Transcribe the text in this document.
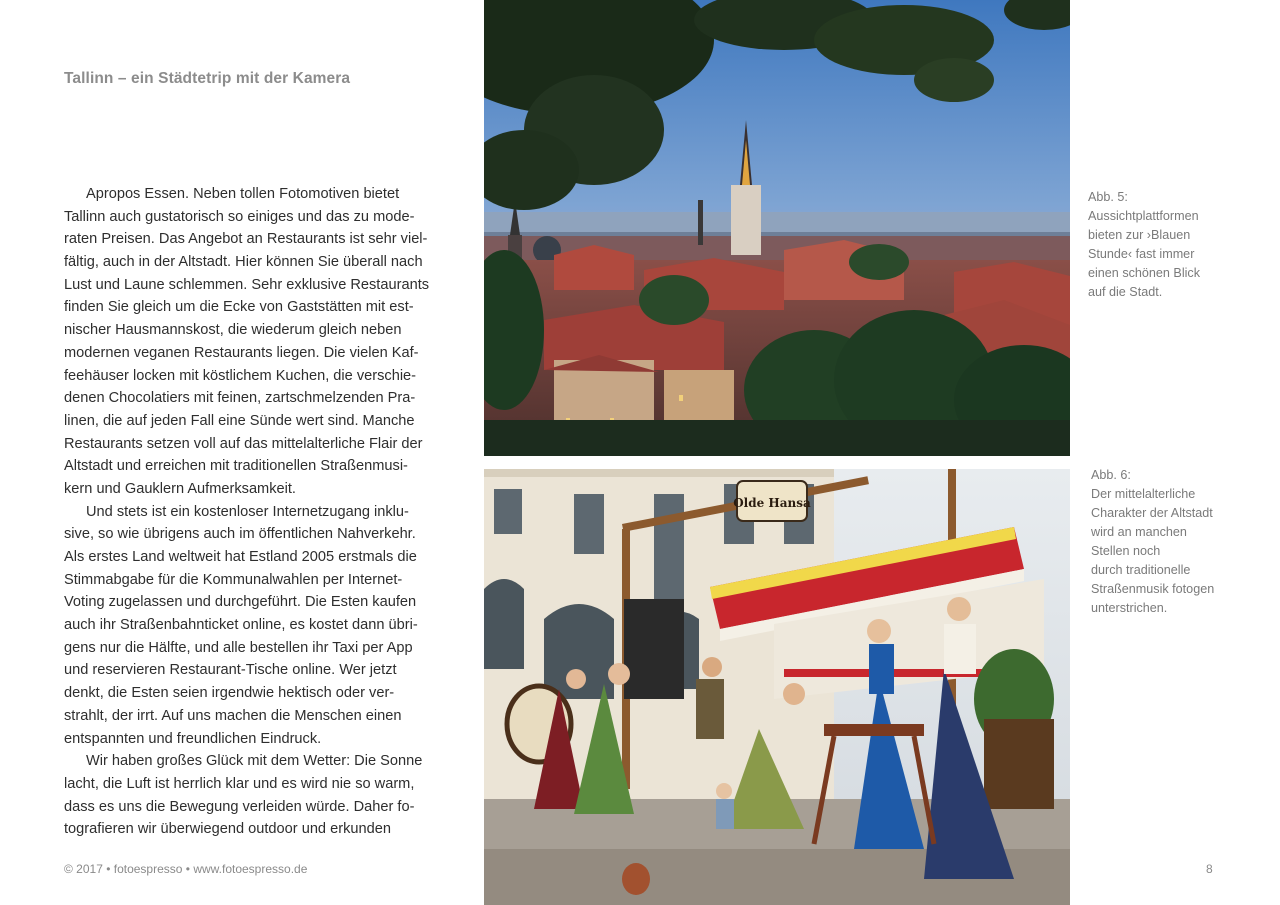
Tallinn – ein Städtetrip mit der Kamera
Apropos Essen. Neben tollen Fotomotiven bietet
Tallinn auch gustatorisch so einiges und das zu mode-
raten Preisen. Das Angebot an Restaurants ist sehr viel-
fältig, auch in der Altstadt. Hier können Sie überall nach
Lust und Laune schlemmen. Sehr exklusive Restaurants
finden Sie gleich um die Ecke von Gaststätten mit est-
nischer Hausmannskost, die wiederum gleich neben
modernen veganen Restaurants liegen. Die vielen Kaf-
feehäuser locken mit köstlichem Kuchen, die verschie-
denen Chocolatiers mit feinen, zartschmelzenden Pra-
linen, die auf jeden Fall eine Sünde wert sind. Manche
Restaurants setzen voll auf das mittelalterliche Flair der
Altstadt und erreichen mit traditionellen Straßenmusi-
kern und Gauklern Aufmerksamkeit.
Und stets ist ein kostenloser Internetzugang inklu-
sive, so wie übrigens auch im öffentlichen Nahverkehr.
Als erstes Land weltweit hat Estland 2005 erstmals die
Stimmabgabe für die Kommunalwahlen per Internet-
Voting zugelassen und durchgeführt. Die Esten kaufen
auch ihr Straßenbahnticket online, es kostet dann übri-
gens nur die Hälfte, und alle bestellen ihr Taxi per App
und reservieren Restaurant-Tische online. Wer jetzt
denkt, die Esten seien irgendwie hektisch oder ver-
strahlt, der irrt. Auf uns machen die Menschen einen
entspannten und freundlichen Eindruck.
Wir haben großes Glück mit dem Wetter: Die Sonne
lacht, die Luft ist herrlich klar und es wird nie so warm,
dass es uns die Bewegung verleiden würde. Daher fo-
tografieren wir überwiegend outdoor und erkunden
Olde Hansa
Abb. 5:
Aussichtplattformen
bieten zur ›Blauen
Stunde‹ fast immer
einen schönen Blick
auf die Stadt.
Abb. 6:
Der mittelalterliche
Charakter der Altstadt
wird an manchen
Stellen noch
durch traditionelle
Straßenmusik fotogen
unterstrichen.
© 2017 • fotoespresso • www.fotoespresso.de	8
